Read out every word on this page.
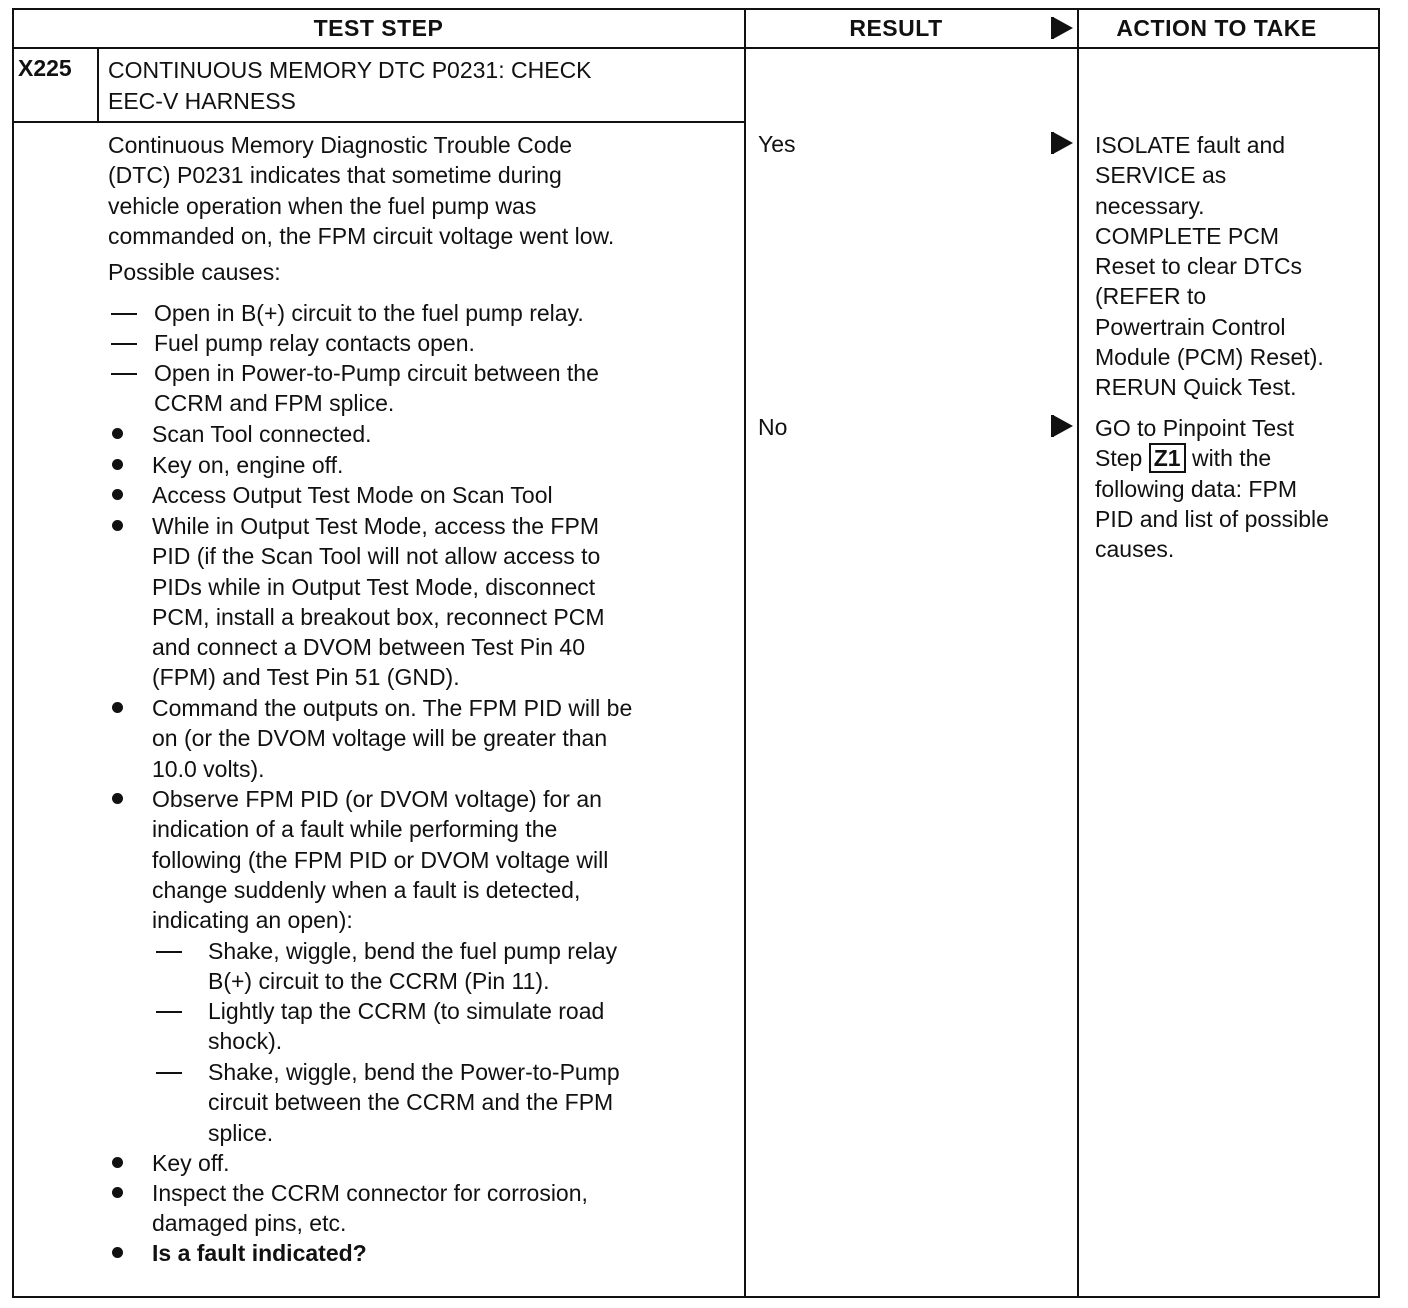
TEST STEP	RESULT	ACTION TO TAKE
X225 CONTINUOUS MEMORY DTC P0231: CHECK
EEC-V HARNESS
Continuous Memory Diagnostic Trouble Code
(DTC) P0231 indicates that sometime during
vehicle operation when the fuel pump was
commanded on, the FPM circuit voltage went low.
Possible causes:
Open in B(+) circuit to the fuel pump relay.
Fuel pump relay contacts open.
Open in Power-to-Pump circuit between the
CCRM and FPM splice.
Scan Tool connected.
Key on, engine off.
Access Output Test Mode on Scan Tool
While in Output Test Mode, access the FPM
PID (if the Scan Tool will not allow access to
PIDs while in Output Test Mode, disconnect
PCM, install a breakout box, reconnect PCM
and connect a DVOM between Test Pin 40
(FPM) and Test Pin 51 (GND).
Command the outputs on. The FPM PID will be
on (or the DVOM voltage will be greater than
10.0 volts).
Observe FPM PID (or DVOM voltage) for an
indication of a fault while performing the
following (the FPM PID or DVOM voltage will
change suddenly when a fault is detected,
indicating an open):
Shake, wiggle, bend the fuel pump relay
B(+) circuit to the CCRM (Pin 11).
Lightly tap the CCRM (to simulate road
shock).
Shake, wiggle, bend the Power-to-Pump
circuit between the CCRM and the FPM
splice.
Key off.
Inspect the CCRM connector for corrosion,
damaged pins, etc.
Is a fault indicated?
Yes
No
ISOLATE fault and
SERVICE as
necessary.
COMPLETE PCM
Reset to clear DTCs
(REFER to
Powertrain Control
Module (PCM) Reset).
RERUN Quick Test.
GO to Pinpoint Test
Step Z1 with the
following data: FPM
PID and list of possible
causes.
